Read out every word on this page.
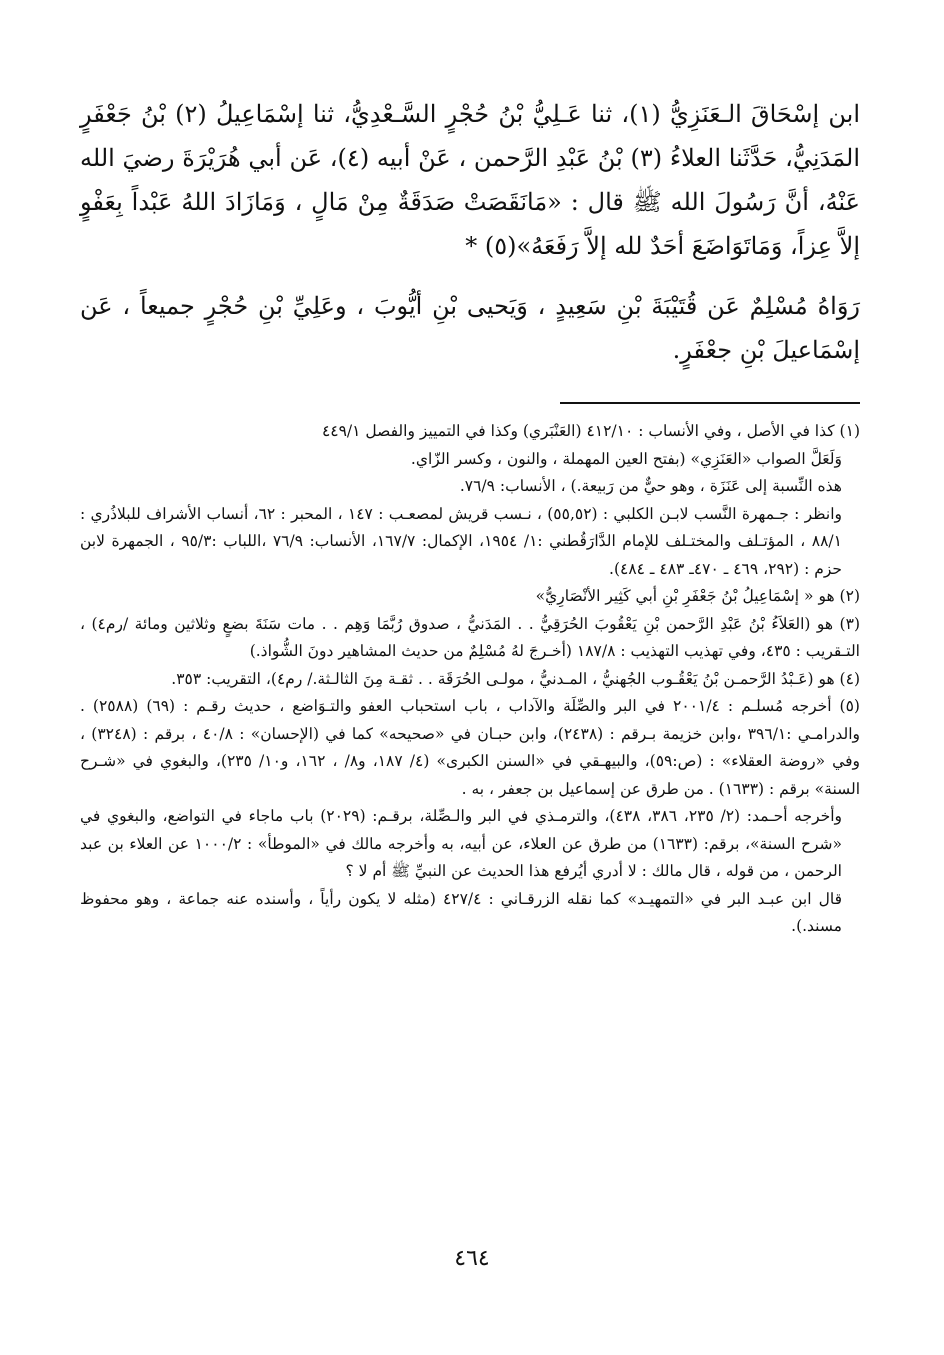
ابن إسْحَاقَ الـعَنَزِيُّ (١)، ثنا عَـلِيُّ بْنُ حُجْرٍ السَّـعْدِيُّ، ثنا إسْمَاعِيلُ (٢) بْنُ جَعْفَرٍ المَدَنِيُّ، حَدَّثَنا العلاءُ (٣) بْنُ عَبْدِ الرَّحمن ، عَنْ أبيه (٤)، عَن أبي هُرَيْرَةَ رضيَ الله عَنْهُ، أنَّ رَسُولَ الله ﷺ قال : «مَانَقَصَتْ صَدَقَةٌ مِنْ مَالٍ ، وَمَازَادَ اللهُ عَبْداً بِعَفْوٍ إلاَّ عِزاً، وَمَاتَوَاضَعَ أحَدٌ لله إلاَّ رَفَعَهُ»(٥) *

رَوَاهُ مُسْلِمٌ عَن قُتَيْبَةَ بْنِ سَعِيدٍ ، وَيَحيى بْنِ أيُّوبَ ، وعَلِيِّ بْنِ حُجْرٍ جميعاً ، عَن إسْمَاعيلَ بْنِ جعْفَرٍ.

(١) كذا في الأصل ، وفي الأنساب : ٤١٢/١٠ (العَنْبَري) وكذا في التمييز والفصل ٤٤٩/١

وَلَعَلَّ الصواب «العَنَزِي» (بفتح العين المهملة ، والنون ، وكسر الزّاي.

هذه النِّسبة إلى عَنَزَة ، وهو حيٌّ من رَبيعة.) ، الأنساب: ٧٦/٩.

وانظر : جـمهرة النَّسب لابـن الكلبي : (٥٥,٥٢) ، نـسب قريش لمصعـب : ١٤٧ ، المحبر : ٦٢، أنساب الأشراف للبلاذُري : ٨٨/١ ، المؤتـلف والمختـلف للإمام الدَّارَقُطني :١/ ١٩٥٤، الإكمال: ١٦٧/٧، الأنساب: ٧٦/٩ ،اللباب :٩٥/٣ ، الجمهرة لابن حزم : (٢٩٢، ٤٦٩ ـ ٤٧٠ـ ٤٨٣ ـ ٤٨٤).

(٢) هو « إسْمَاعِيلُ بْنُ جَعْفَرِ بْنِ أبي كَثِير الأنْصَارِيُّ»

(٣) هو (العَلاَءُ بْنُ عَبْدِ الرَّحمن بْنِ يَعْقُوبَ الحُرَقِيُّ . . المَدَنيُّ ، صدوق رُبَّمَا وَهِم . . مات سَنَةَ بضعٍ وثلاثين ومائة /رم٤) ، التـقريب : ٤٣٥، وفي تهذيب التهذيب : ١٨٧/٨ (أخـرجَ لهُ مُسْلِمٌ من حديث المشاهير دونَ الشُّواذ.)

(٤) هو (عَـبْدُ الرَّحمـن بْنُ يَعْقُـوب الجُهنيُّ ، المـدنيُّ ، مولـى الحُرَقَة . . ثقـة مِنَ الثالـثة./ رم٤)، التقريب: ٣٥٣.

(٥) أخرجه مُسلـم : ٢٠٠١/٤ في البر والصِّلَة والآداب ، باب استحباب العفو والتـوَاضع ، حديث رقـم : (٦٩) (٢٥٨٨) . والدرامـي :٣٩٦/١ ،وابن خزيمة بـرقم : (٢٤٣٨)، وابن حبـان في «صحيحه» كما في (الإحسان» : ٤٠/٨ ، برقم : (٣٢٤٨) ، وفي «روضة العقلاء» : (ص:٥٩)، والبيهـقي في «السنن الكبرى» (٤/ ١٨٧، و٨/ ، ١٦٢، و١٠/ ٢٣٥)، والبغوي في «شـرح السنة» برقم : (١٦٣٣) . من طرق عن إسماعيل بن جعفر ، به .

وأخرجه أحـمد: (٢/ ٢٣٥، ٣٨٦، ٤٣٨)، والترمـذي في البر والـصِّلة، برقـم: (٢٠٢٩) باب ماجاء في التواضع، والبغوي في «شرح السنة»، برقم: (١٦٣٣) من طرق عن العلاء، عن أبيه، به وأخرجه مالك في «الموطأ» : ١٠٠٠/٢ عن العلاء بن عبد الرحمن ، من قوله ، قال مالك : لا أدري أيُرفع هذا الحديث عن النبيِّ ﷺ أم لا ؟

قال ابن عبـد البر في «التمهيـد» كما نقله الزرقـاني : ٤٢٧/٤ (مثله لا يكون رأياً ، وأسنده عنه جماعة ، وهو محفوظ مسند.).

٤٦٤
